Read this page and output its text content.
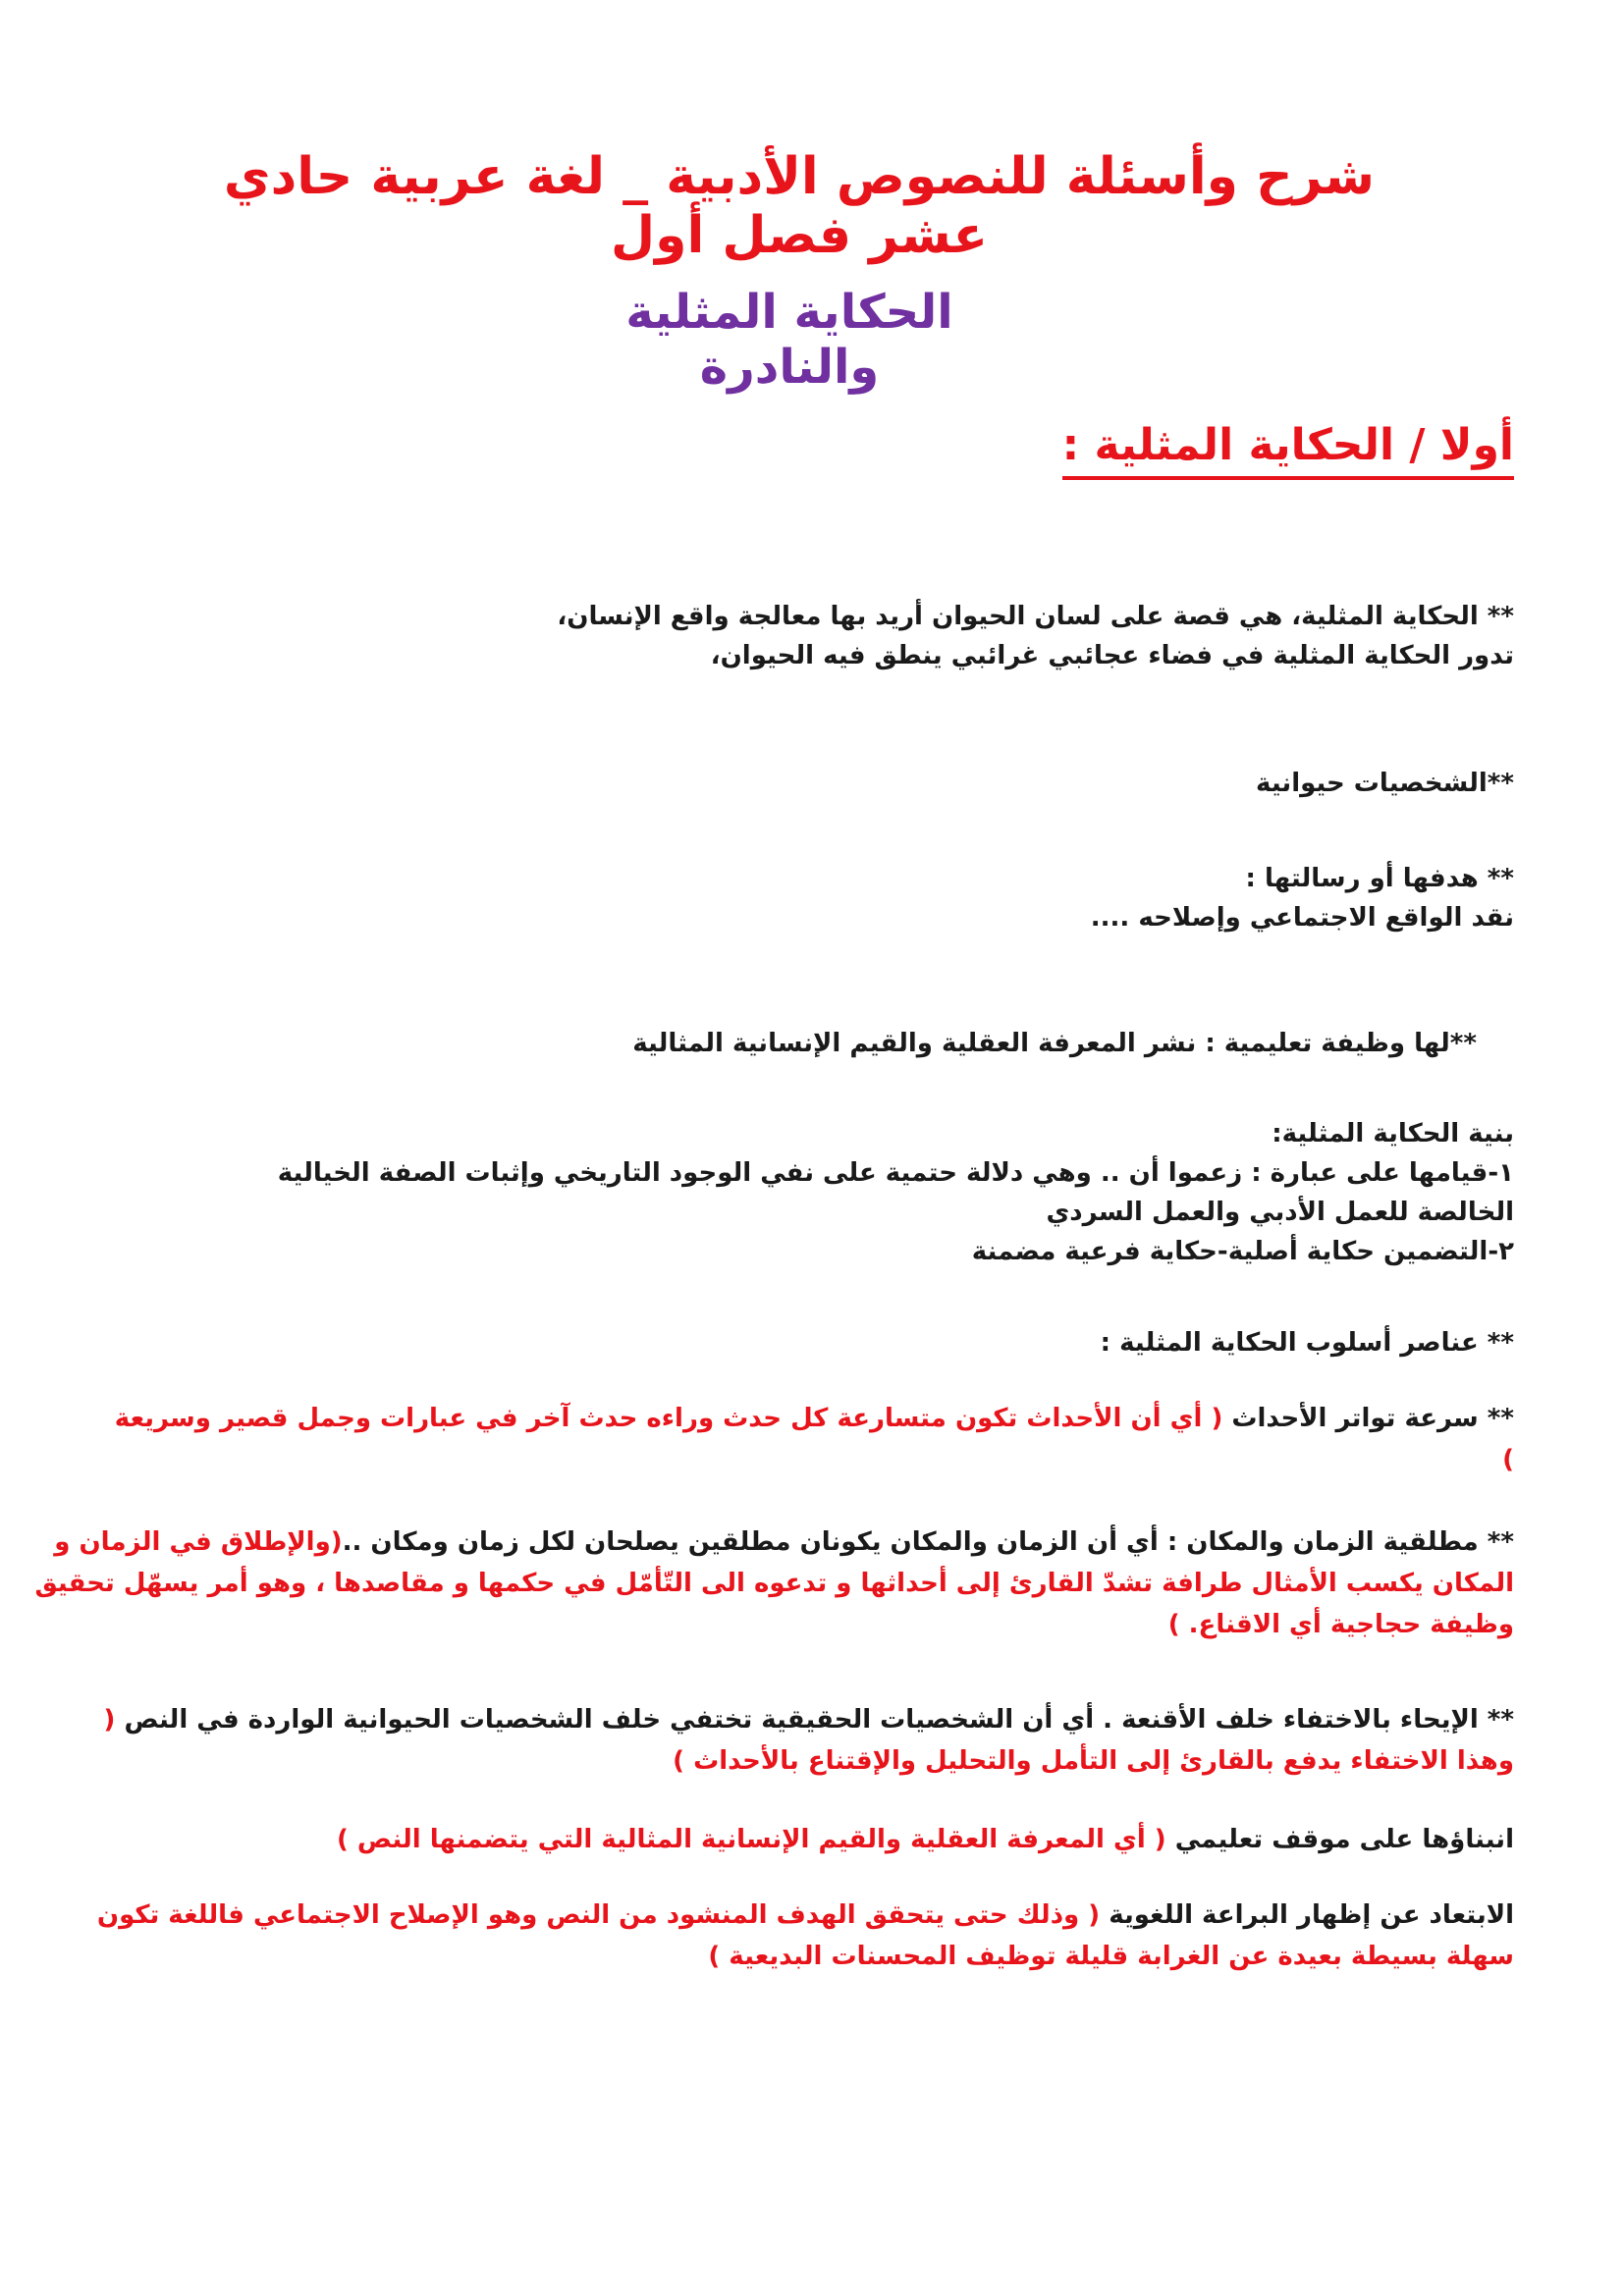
شرح وأسئلة للنصوص الأدبية _ لغة عربية حادي عشر فصل أول
الحكاية المثلية والنادرة
أولا / الحكاية المثلية :
** الحكاية المثلية، هي قصة على لسان الحيوان أريد بها معالجة واقع الإنسان،
تدور الحكاية المثلية في فضاء عجائبي غرائبي ينطق فيه الحيوان،
**الشخصيات حيوانية
** هدفها أو رسالتها :
نقد الواقع الاجتماعي وإصلاحه ....
**لها وظيفة تعليمية : نشر المعرفة العقلية والقيم الإنسانية المثالية
بنية الحكاية المثلية:
١-قيامها على عبارة : زعموا أن .. وهي دلالة حتمية على نفي الوجود التاريخي وإثبات الصفة الخيالية
الخالصة للعمل الأدبي والعمل السردي
٢-التضمين حكاية أصلية-حكاية فرعية مضمنة
** عناصر أسلوب الحكاية المثلية :
** سرعة تواتر الأحداث ( أي أن الأحداث تكون متسارعة كل حدث وراءه حدث آخر في عبارات وجمل قصير وسريعة
)
** مطلقية الزمان والمكان : أي أن الزمان والمكان يكونان مطلقين يصلحان لكل زمان ومكان ..(والإطلاق في الزمان و
المكان يكسب الأمثال طرافة تشدّ القارئ إلى أحداثها و تدعوه الى التّأمّل في حكمها و مقاصدها ، وهو أمر يسهّل تحقيق
وظيفة حجاجية أي الاقناع. )
** الإيحاء بالاختفاء خلف الأقنعة . أي أن الشخصيات الحقيقية تختفي خلف الشخصيات الحيوانية الواردة في النص (
وهذا الاختفاء يدفع بالقارئ إلى التأمل والتحليل والإقتناع بالأحداث )
انبناؤها على موقف تعليمي ( أي المعرفة العقلية والقيم الإنسانية المثالية التي يتضمنها النص )
الابتعاد عن إظهار البراعة اللغوية ( وذلك حتى يتحقق الهدف المنشود من النص وهو الإصلاح الاجتماعي فاللغة تكون
سهلة بسيطة بعيدة عن الغرابة قليلة توظيف المحسنات البديعية )
